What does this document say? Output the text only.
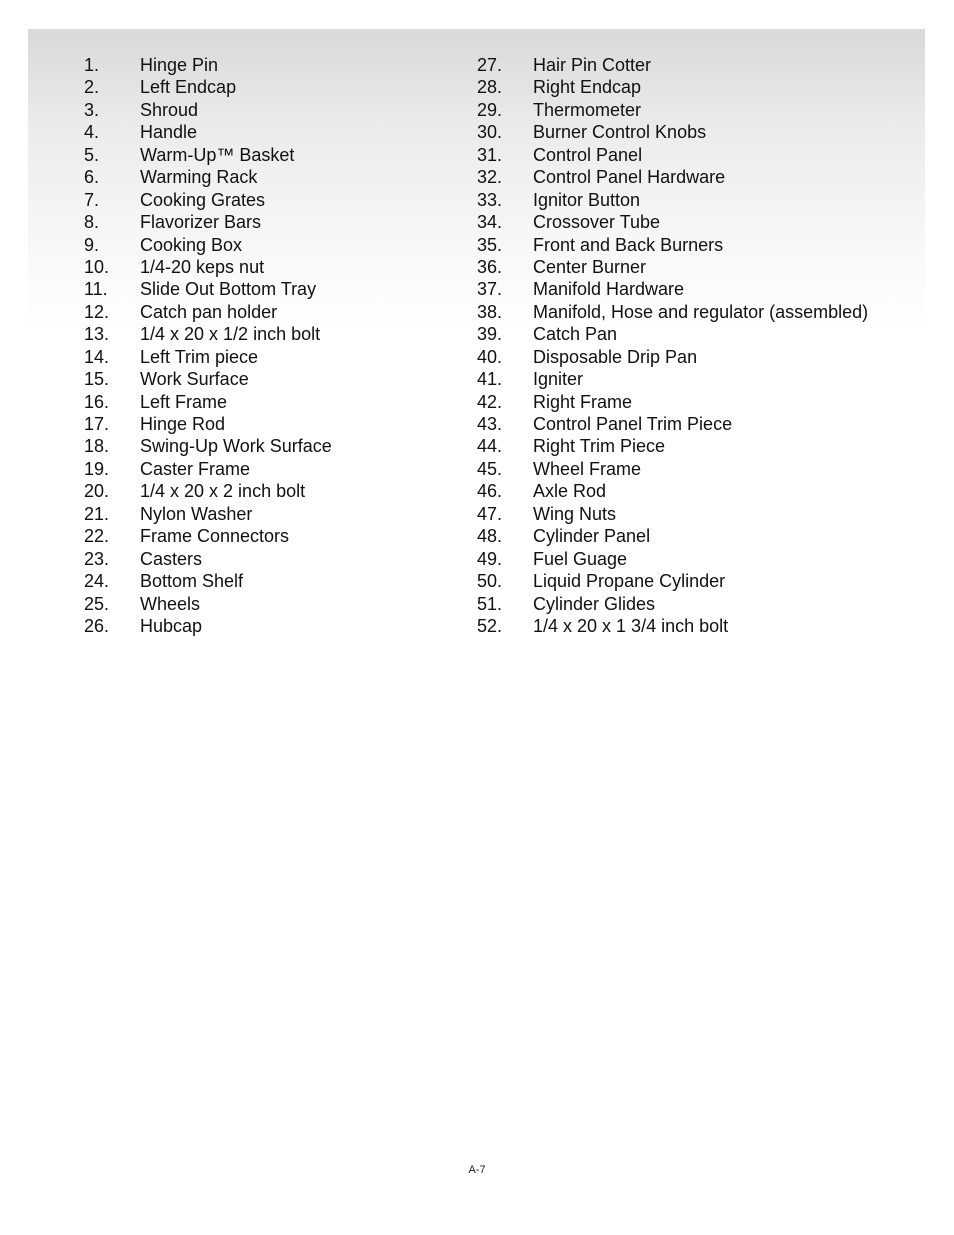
1. Hinge Pin
2. Left Endcap
3. Shroud
4. Handle
5. Warm-Up™ Basket
6. Warming Rack
7. Cooking Grates
8. Flavorizer Bars
9. Cooking Box
10. 1/4-20 keps nut
11. Slide Out Bottom Tray
12. Catch pan holder
13. 1/4 x 20 x 1/2 inch bolt
14. Left Trim piece
15. Work Surface
16. Left Frame
17. Hinge Rod
18. Swing-Up Work Surface
19. Caster Frame
20. 1/4 x 20 x 2 inch bolt
21. Nylon Washer
22. Frame Connectors
23. Casters
24. Bottom Shelf
25. Wheels
26. Hubcap
27. Hair Pin Cotter
28. Right Endcap
29. Thermometer
30. Burner Control Knobs
31. Control Panel
32. Control Panel Hardware
33. Ignitor Button
34. Crossover Tube
35. Front and Back Burners
36. Center Burner
37. Manifold Hardware
38. Manifold, Hose and regulator (assembled)
39. Catch Pan
40. Disposable Drip Pan
41. Igniter
42. Right Frame
43. Control Panel Trim Piece
44. Right Trim Piece
45. Wheel Frame
46. Axle Rod
47. Wing Nuts
48. Cylinder Panel
49. Fuel Guage
50. Liquid Propane Cylinder
51. Cylinder Glides
52. 1/4 x 20 x 1 3/4 inch bolt
A-7
